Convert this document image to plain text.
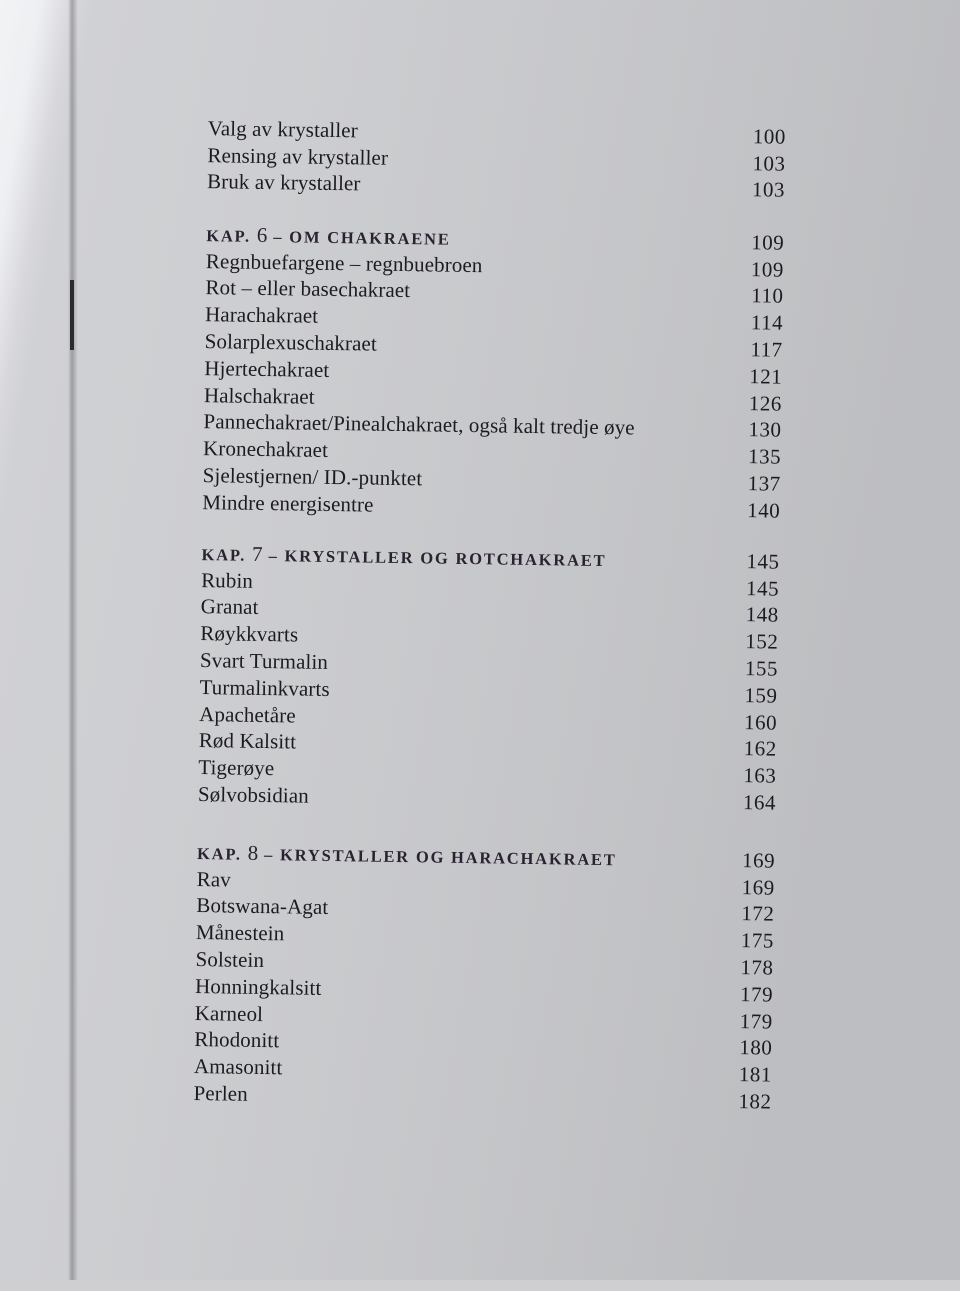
Valg av krystaller	100
Rensing av krystaller	103
Bruk av krystaller	103
KAP. 6 – OM CHAKRAENE	109
Regnbuefargene – regnbuebroen	109
Rot – eller basechakraet	110
Harachakraet	114
Solarplexuschakraet	117
Hjertechakraet	121
Halschakraet	126
Pannechakraet/Pinealchakraet, også kalt tredje øye	130
Kronechakraet	135
Sjelestjernen/ ID.-punktet	137
Mindre energisentre	140
KAP. 7 – KRYSTALLER OG ROTCHAKRAET	145
Rubin	145
Granat	148
Røykkvarts	152
Svart Turmalin	155
Turmalinkvarts	159
Apachetåre	160
Rød Kalsitt	162
Tigerøye	163
Sølvobsidian	164
KAP. 8 – KRYSTALLER OG HARACHAKRAET	169
Rav	169
Botswana-Agat	172
Månestein	175
Solstein	178
Honningkalsitt	179
Karneol	179
Rhodonitt	180
Amasonitt	181
Perlen	182
